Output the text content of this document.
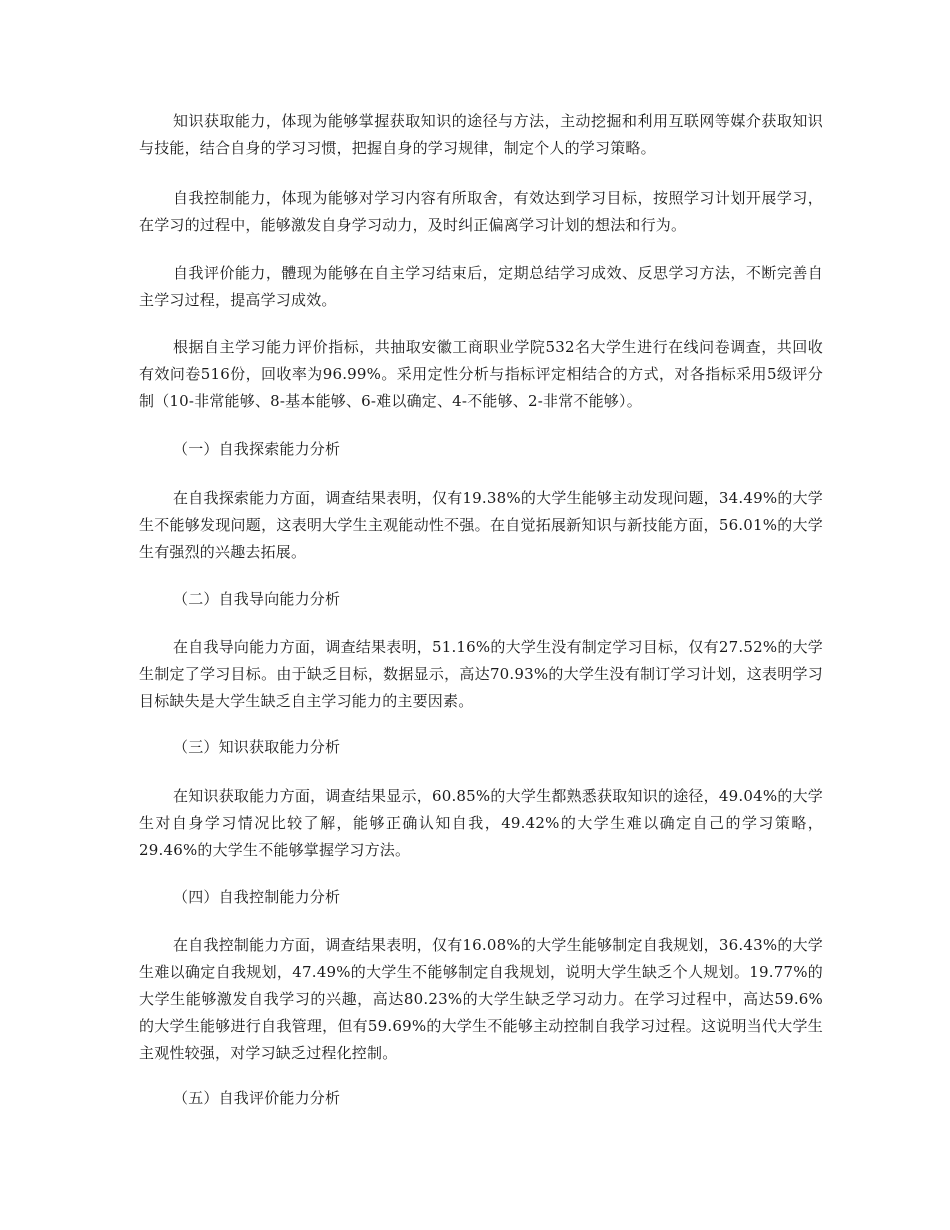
知识获取能力，体现为能够掌握获取知识的途径与方法，主动挖掘和利用互联网等媒介获取知识与技能，结合自身的学习习惯，把握自身的学习规律，制定个人的学习策略。

自我控制能力，体现为能够对学习内容有所取舍，有效达到学习目标，按照学习计划开展学习，在学习的过程中，能够激发自身学习动力，及时纠正偏离学习计划的想法和行为。

自我评价能力，體现为能够在自主学习结束后，定期总结学习成效、反思学习方法，不断完善自主学习过程，提高学习成效。

根据自主学习能力评价指标，共抽取安徽工商职业学院532名大学生进行在线问卷调查，共回收有效问卷516份，回收率为96.99%。采用定性分析与指标评定相结合的方式，对各指标采用5级评分制（10-非常能够、8-基本能够、6-难以确定、4-不能够、2-非常不能够）。

（一）自我探索能力分析

在自我探索能力方面，调查结果表明，仅有19.38%的大学生能够主动发现问题，34.49%的大学生不能够发现问题，这表明大学生主观能动性不强。在自觉拓展新知识与新技能方面，56.01%的大学生有强烈的兴趣去拓展。

（二）自我导向能力分析

在自我导向能力方面，调查结果表明，51.16%的大学生没有制定学习目标，仅有27.52%的大学生制定了学习目标。由于缺乏目标，数据显示，高达70.93%的大学生没有制订学习计划，这表明学习目标缺失是大学生缺乏自主学习能力的主要因素。

（三）知识获取能力分析

在知识获取能力方面，调查结果显示，60.85%的大学生都熟悉获取知识的途径，49.04%的大学生对自身学习情况比较了解，能够正确认知自我，49.42%的大学生难以确定自己的学习策略，29.46%的大学生不能够掌握学习方法。

（四）自我控制能力分析

在自我控制能力方面，调查结果表明，仅有16.08%的大学生能够制定自我规划，36.43%的大学生难以确定自我规划，47.49%的大学生不能够制定自我规划，说明大学生缺乏个人规划。19.77%的大学生能够激发自我学习的兴趣，高达80.23%的大学生缺乏学习动力。在学习过程中，高达59.6%的大学生能够进行自我管理，但有59.69%的大学生不能够主动控制自我学习过程。这说明当代大学生主观性较强，对学习缺乏过程化控制。

（五）自我评价能力分析
